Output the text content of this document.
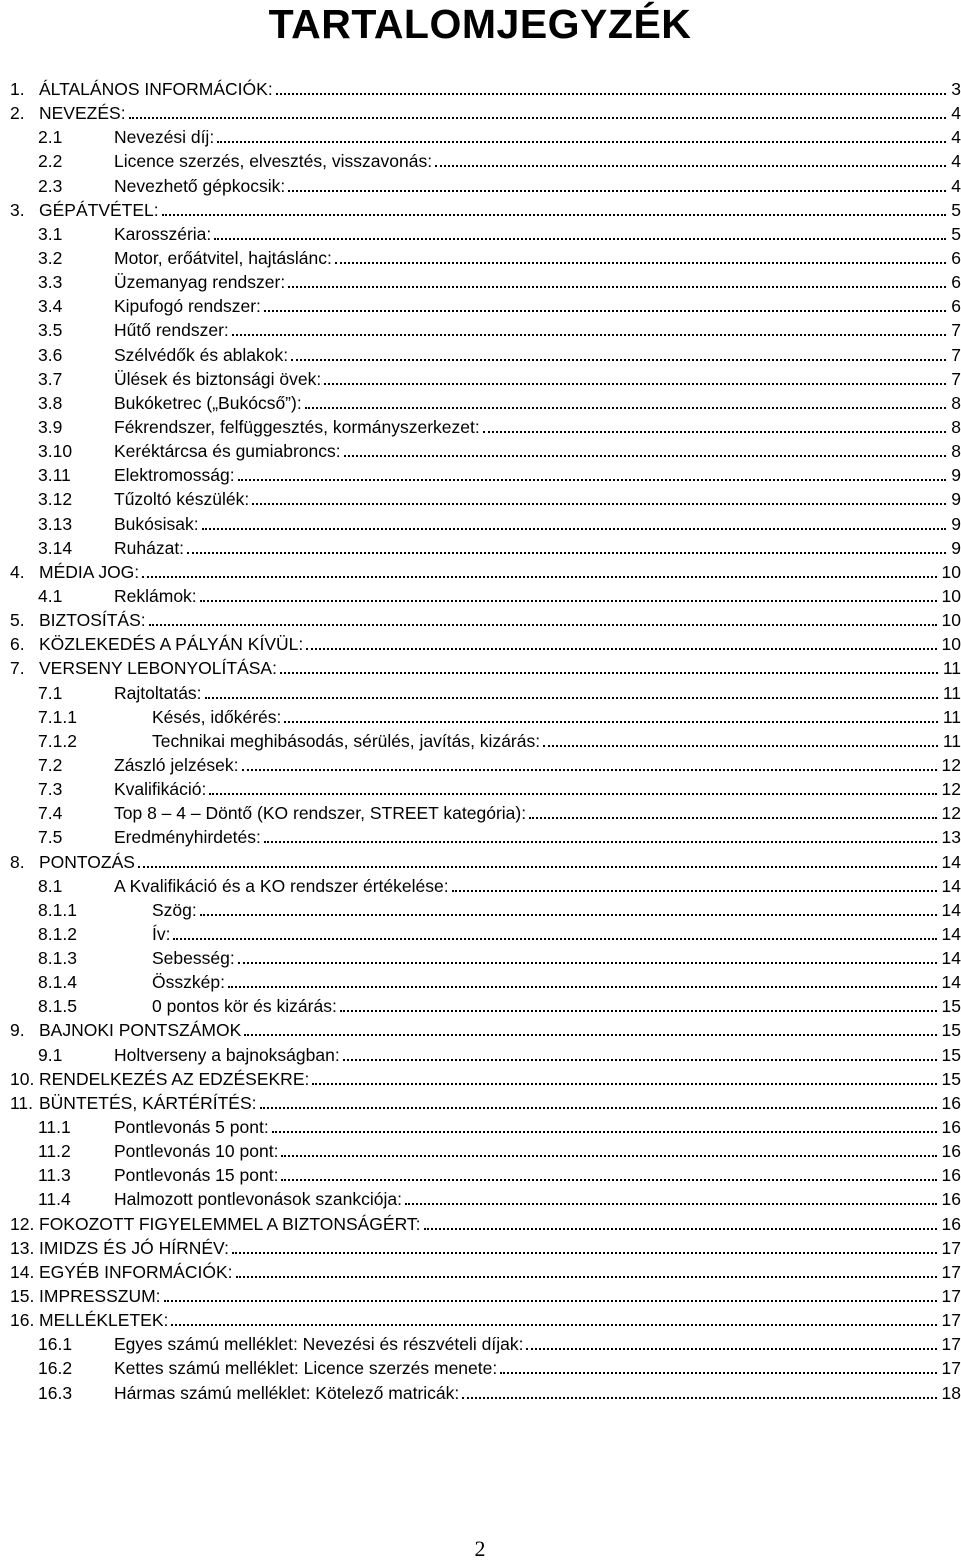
TARTALOMJEGYZÉK
1. ÁLTALÁNOS INFORMÁCIÓK:	3
2. NEVEZÉS:	4
2.1	Nevezési díj:	4
2.2	Licence szerzés, elvesztés, visszavonás:	4
2.3	Nevezhető gépkocsik:	4
3. GÉPÁTVÉTEL:	5
3.1	Karosszéria:	5
3.2	Motor, erőátvitel, hajtáslánc:	6
3.3	Üzemanyag rendszer:	6
3.4	Kipufogó rendszer:	6
3.5	Hűtő rendszer:	7
3.6	Szélvédők és ablakok:	7
3.7	Ülések és biztonsági övek:	7
3.8	Bukóketrec („Bukócső”):	8
3.9	Fékrendszer, felfüggesztés, kormányszerkezet:	8
3.10 Keréktárcsa és gumiabroncs:	8
3.11 Elektromosság:	9
3.12 Tűzoltó készülék:	9
3.13 Bukósisak:	9
3.14 Ruházat:	9
4. MÉDIA JOG:	10
4.1	Reklámok:	10
5. BIZTOSÍTÁS:	10
6. KÖZLEKEDÉS A PÁLYÁN KÍVÜL:	10
7. VERSENY LEBONYOLÍTÁSA:	11
7.1	Rajtoltatás:	11
7.1.1	Késés, időkérés:	11
7.1.2	Technikai meghibásodás, sérülés, javítás, kizárás:	11
7.2	Zászló jelzések:	12
7.3	Kvalifikáció:	12
7.4	Top 8 – 4 – Döntő (KO rendszer, STREET kategória):	12
7.5	Eredményhirdetés:	13
8. PONTOZÁS	14
8.1	A Kvalifikáció és a KO rendszer értékelése:	14
8.1.1	Szög:	14
8.1.2	Ív:	14
8.1.3	Sebesség:	14
8.1.4	Összkép:	14
8.1.5	0 pontos kör és kizárás:	15
9. BAJNOKI PONTSZÁMOK	15
9.1	Holtverseny a bajnokságban:	15
10. RENDELKEZÉS AZ EDZÉSEKRE:	15
11. BÜNTETÉS, KÁRTÉRÍTÉS:	16
11.1 Pontlevonás 5 pont:	16
11.2 Pontlevonás 10 pont:	16
11.3 Pontlevonás 15 pont:	16
11.4 Halmozott pontlevonások szankciója:	16
12. FOKOZOTT FIGYELEMMEL A BIZTONSÁGÉRT:	16
13. IMIDZS ÉS JÓ HÍRNÉV:	17
14. EGYÉB INFORMÁCIÓK:	17
15. IMPRESSZUM:	17
16. MELLÉKLETEK:	17
16.1 Egyes számú melléklet: Nevezési és részvételi díjak:	17
16.2 Kettes számú melléklet: Licence szerzés menete:	17
16.3 Hármas számú melléklet: Kötelező matricák:	18
2
